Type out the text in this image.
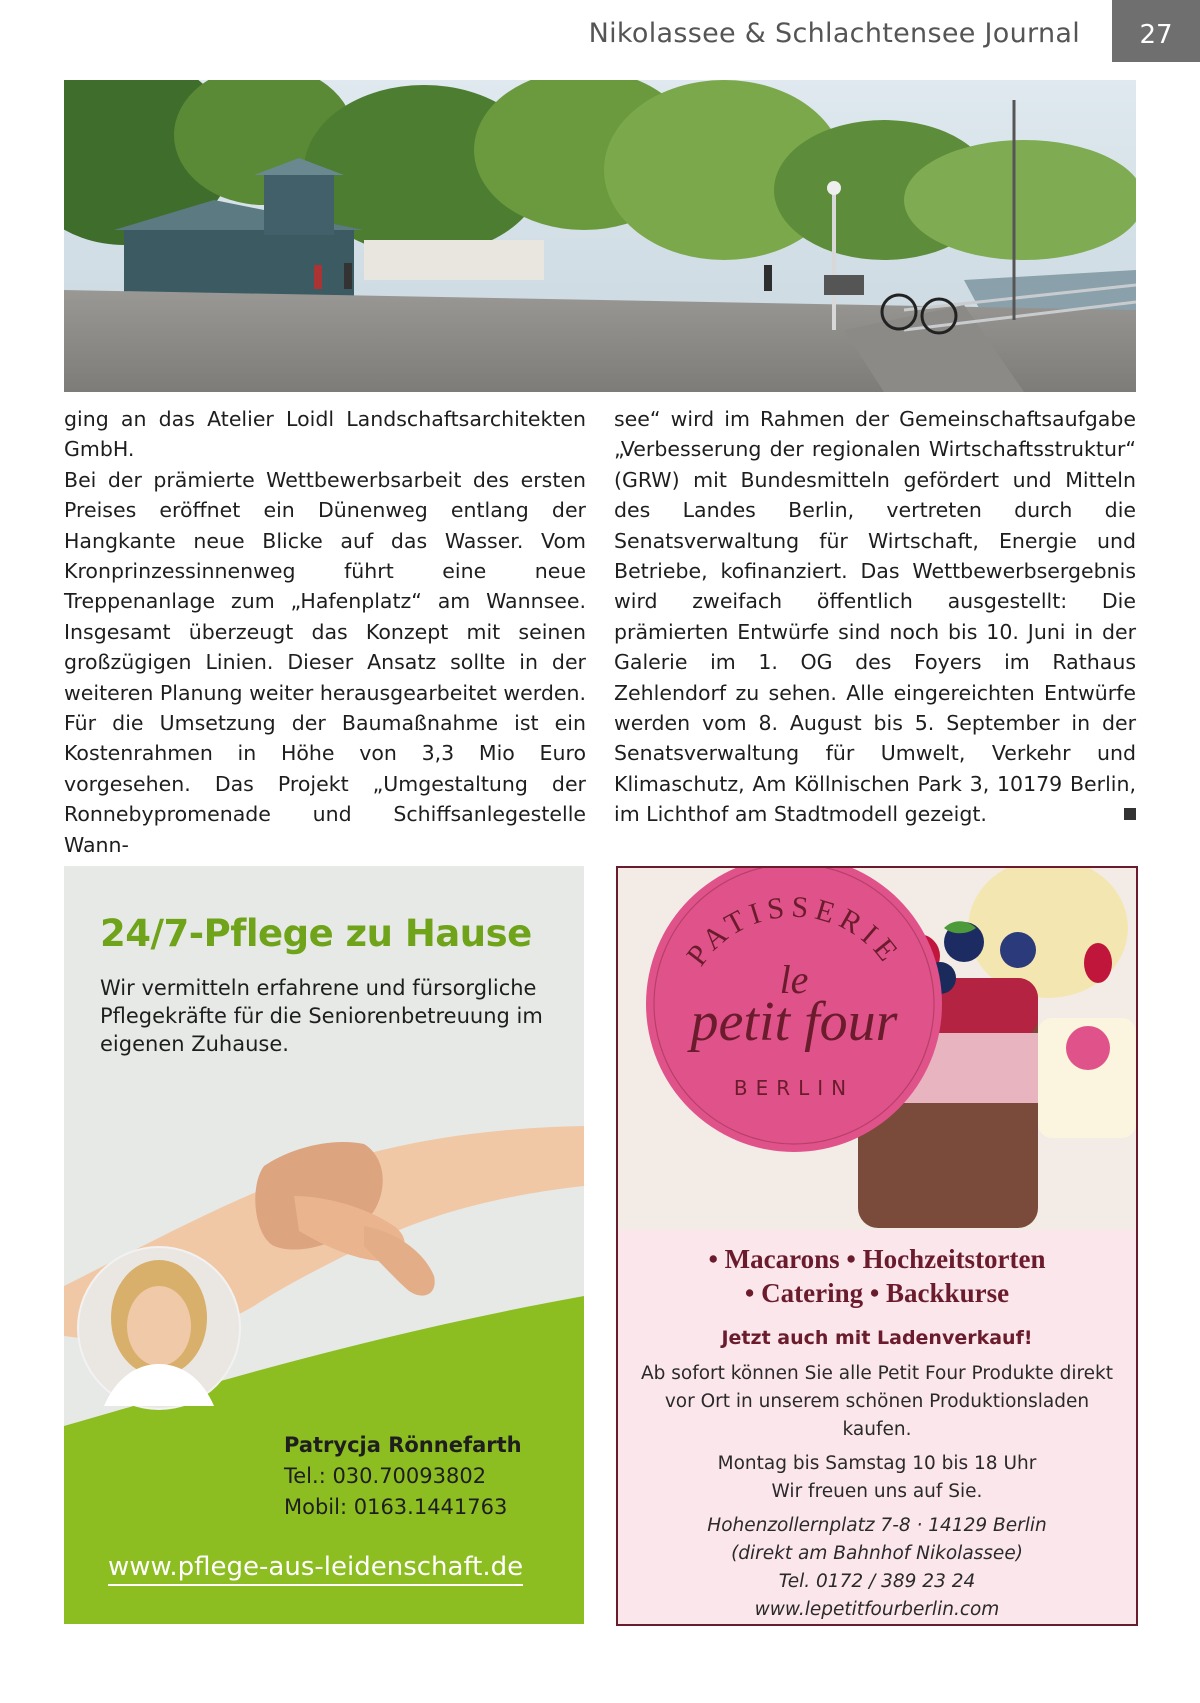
Nikolassee & Schlachtensee Journal	27

ging an das Atelier Loidl Landschaftsarchitekten GmbH.

Bei der prämierte Wettbewerbsarbeit des ersten Preises eröffnet ein Dünenweg entlang der Hangkante neue Blicke auf das Wasser. Vom Kronprinzessinnenweg führt eine neue Treppenanlage zum „Hafenplatz“ am Wannsee. Insgesamt überzeugt das Konzept mit seinen großzügigen Linien. Dieser Ansatz sollte in der weiteren Planung weiter herausgearbeitet werden. Für die Umsetzung der Baumaßnahme ist ein Kostenrahmen in Höhe von 3,3 Mio Euro vorgesehen. Das Projekt „Umgestaltung der Ronnebypromenade und Schiffsanlegestelle Wann-

see“ wird im Rahmen der Gemeinschaftsaufgabe „Verbesserung der regionalen Wirtschaftsstruktur“ (GRW) mit Bundesmitteln gefördert und Mitteln des Landes Berlin, vertreten durch die Senatsverwaltung für Wirtschaft, Energie und Betriebe, kofinanziert. Das Wettbewerbsergebnis wird zweifach öffentlich ausgestellt: Die prämierten Entwürfe sind noch bis 10. Juni in der Galerie im 1. OG des Foyers im Rathaus Zehlendorf zu sehen. Alle eingereichten Entwürfe werden vom 8. August bis 5. September in der Senatsverwaltung für Umwelt, Verkehr und Klimaschutz, Am Köllnischen Park 3, 10179 Berlin, im Lichthof am Stadtmodell gezeigt.

24/7-Pflege zu Hause
Wir vermitteln erfahrene und fürsorgliche Pflegekräfte für die Seniorenbetreuung im eigenen Zuhause.
Patrycja Rönnefarth
Tel.: 030.70093802
Mobil: 0163.1441763
www.pflege-aus-leidenschaft.de
PATISSERIE
le
petit four
BERLIN
• Macarons • Hochzeitstorten
• Catering • Backkurse
Jetzt auch mit Ladenverkauf!
Ab sofort können Sie alle Petit Four Produkte direkt vor Ort in unserem schönen Produktionsladen kaufen.
Montag bis Samstag 10 bis 18 Uhr
Wir freuen uns auf Sie.
Hohenzollernplatz 7-8 · 14129 Berlin
(direkt am Bahnhof Nikolassee)
Tel. 0172 / 389 23 24
www.lepetitfourberlin.com
